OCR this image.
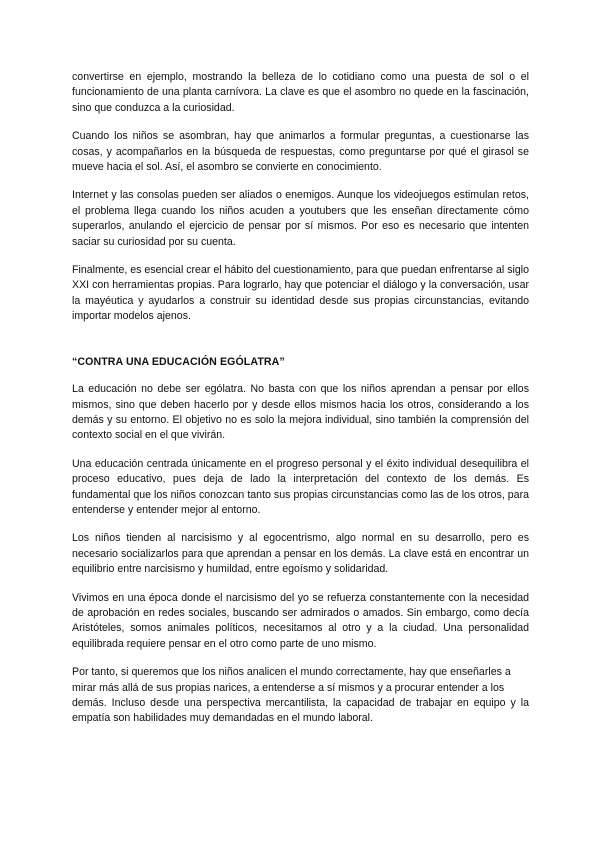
convertirse en ejemplo, mostrando la belleza de lo cotidiano como una puesta de sol o el funcionamiento de una planta carnívora. La clave es que el asombro no quede en la fascinación, sino que conduzca a la curiosidad.

Cuando los niños se asombran, hay que animarlos a formular preguntas, a cuestionarse las cosas, y acompañarlos en la búsqueda de respuestas, como preguntarse por qué el girasol se mueve hacia el sol. Así, el asombro se convierte en conocimiento.

Internet y las consolas pueden ser aliados o enemigos. Aunque los videojuegos estimulan retos, el problema llega cuando los niños acuden a youtubers que les enseñan directamente cómo superarlos, anulando el ejercicio de pensar por sí mismos. Por eso es necesario que intenten saciar su curiosidad por su cuenta.

Finalmente, es esencial crear el hábito del cuestionamiento, para que puedan enfrentarse al siglo XXI con herramientas propias. Para lograrlo, hay que potenciar el diálogo y la conversación, usar la mayéutica y ayudarlos a construir su identidad desde sus propias circunstancias, evitando importar modelos ajenos.

“CONTRA UNA EDUCACIÓN EGÓLATRA”

La educación no debe ser ególatra. No basta con que los niños aprendan a pensar por ellos mismos, sino que deben hacerlo por y desde ellos mismos hacia los otros, considerando a los demás y su entorno. El objetivo no es solo la mejora individual, sino también la comprensión del contexto social en el que vivirán.

Una educación centrada únicamente en el progreso personal y el éxito individual desequilibra el proceso educativo, pues deja de lado la interpretación del contexto de los demás. Es fundamental que los niños conozcan tanto sus propias circunstancias como las de los otros, para entenderse y entender mejor al entorno.

Los niños tienden al narcisismo y al egocentrismo, algo normal en su desarrollo, pero es necesario socializarlos para que aprendan a pensar en los demás. La clave está en encontrar un equilibrio entre narcisismo y humildad, entre egoísmo y solidaridad.

Vivimos en una época donde el narcisismo del yo se refuerza constantemente con la necesidad de aprobación en redes sociales, buscando ser admirados o amados. Sin embargo, como decía Aristóteles, somos animales políticos, necesitamos al otro y a la ciudad. Una personalidad equilibrada requiere pensar en el otro como parte de uno mismo.

Por tanto, si queremos que los niños analicen el mundo correctamente, hay que enseñarles a mirar más allá de sus propias narices, a entenderse a sí mismos y a procurar entender a los

demás. Incluso desde una perspectiva mercantilista, la capacidad de trabajar en equipo y la empatía son habilidades muy demandadas en el mundo laboral.
